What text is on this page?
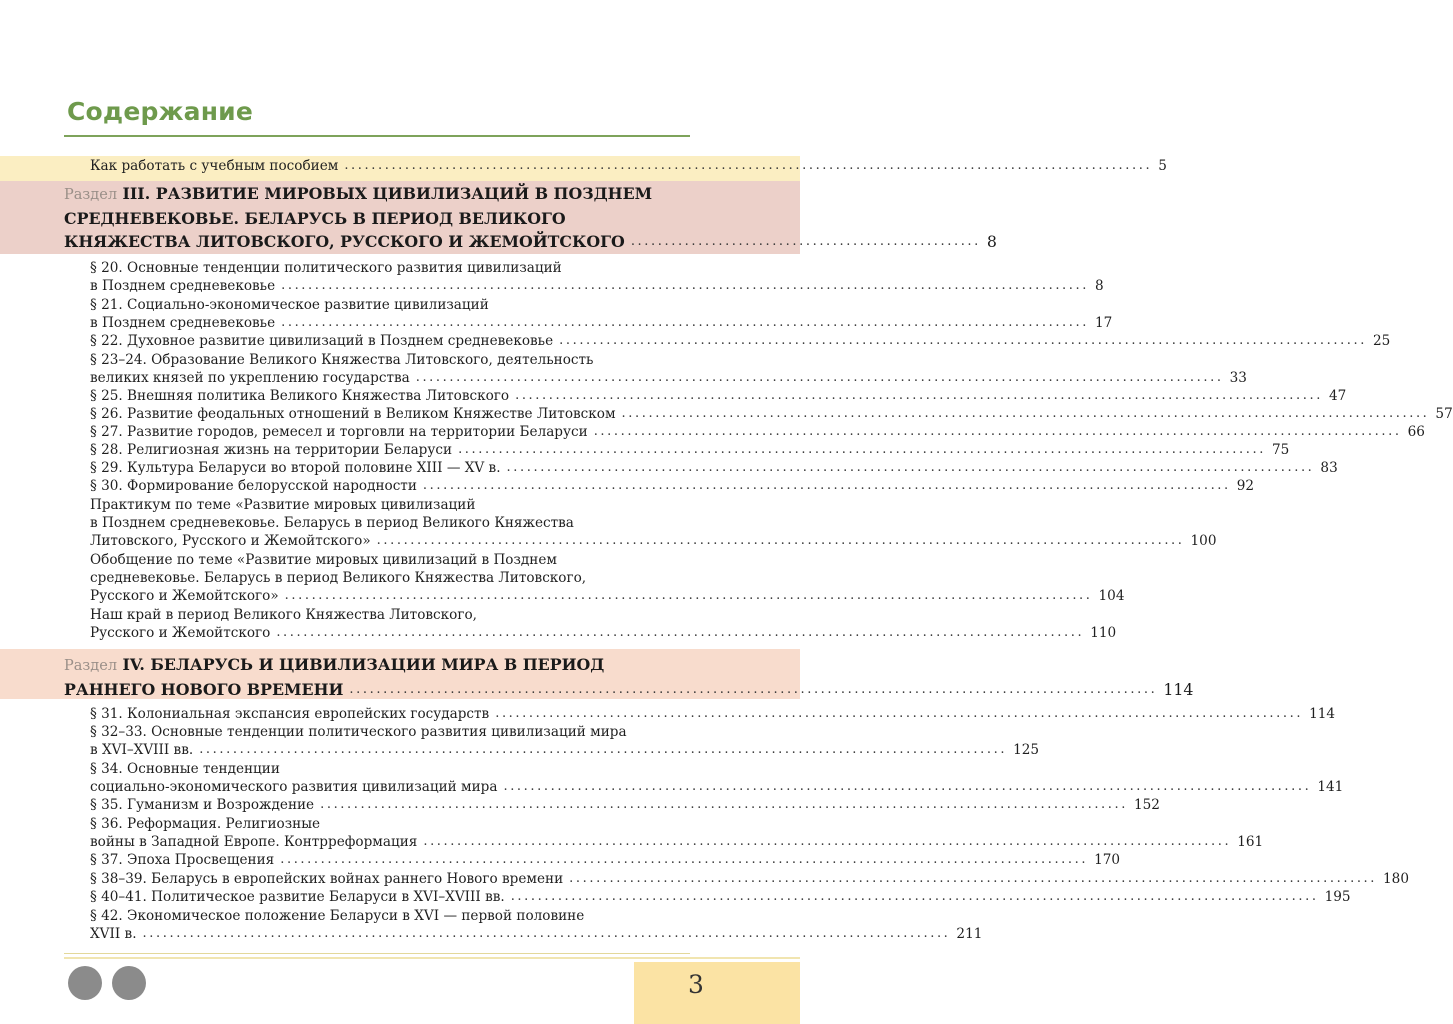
Содержание
Как работать с учебным пособием ........................................................................................................................ 5
Раздел III. РАЗВИТИЕ МИРОВЫХ ЦИВИЛИЗАЦИЙ В ПОЗДНЕМ
СРЕДНЕВЕКОВЬЕ. БЕЛАРУСЬ В ПЕРИОД ВЕЛИКОГО
КНЯЖЕСТВА ЛИТОВСКОГО, РУССКОГО И ЖЕМОЙТСКОГО .................................................... 8
§ 20. Основные тенденции политического развития цивилизаций
в Позднем средневековье ........................................................................................................................ 8
§ 21. Социально-экономическое развитие цивилизаций
в Позднем средневековье ........................................................................................................................ 17
§ 22. Духовное развитие цивилизаций в Позднем средневековье ........................................................................................................................ 25
§ 23–24. Образование Великого Княжества Литовского, деятельность
великих князей по укреплению государства ........................................................................................................................ 33
§ 25. Внешняя политика Великого Княжества Литовского ........................................................................................................................ 47
§ 26. Развитие феодальных отношений в Великом Княжестве Литовском ........................................................................................................................ 57
§ 27. Развитие городов, ремесел и торговли на территории Беларуси ........................................................................................................................ 66
§ 28. Религиозная жизнь на территории Беларуси ........................................................................................................................ 75
§ 29. Культура Беларуси во второй половине XIII — XV в. ........................................................................................................................ 83
§ 30. Формирование белорусской народности ........................................................................................................................ 92
Практикум по теме «Развитие мировых цивилизаций
в Позднем средневековье. Беларусь в период Великого Княжества
Литовского, Русского и Жемойтского» ........................................................................................................................ 100
Обобщение по теме «Развитие мировых цивилизаций в Позднем
средневековье. Беларусь в период Великого Княжества Литовского,
Русского и Жемойтского» ........................................................................................................................ 104
Наш край в период Великого Княжества Литовского,
Русского и Жемойтского ........................................................................................................................ 110
Раздел IV. БЕЛАРУСЬ И ЦИВИЛИЗАЦИИ МИРА В ПЕРИОД
РАННЕГО НОВОГО ВРЕМЕНИ ........................................................................................................................ 114
§ 31. Колониальная экспансия европейских государств ........................................................................................................................ 114
§ 32–33. Основные тенденции политического развития цивилизаций мира
в XVI–XVIII вв. ........................................................................................................................ 125
§ 34. Основные тенденции
социально-экономического развития цивилизаций мира ........................................................................................................................ 141
§ 35. Гуманизм и Возрождение ........................................................................................................................ 152
§ 36. Реформация. Религиозные
войны в Западной Европе. Контрреформация ........................................................................................................................ 161
§ 37. Эпоха Просвещения ........................................................................................................................ 170
§ 38–39. Беларусь в европейских войнах раннего Нового времени ........................................................................................................................ 180
§ 40–41. Политическое развитие Беларуси в XVI–XVIII вв. ........................................................................................................................ 195
§ 42. Экономическое положение Беларуси в XVI — первой половине
XVII в. ........................................................................................................................ 211
3
